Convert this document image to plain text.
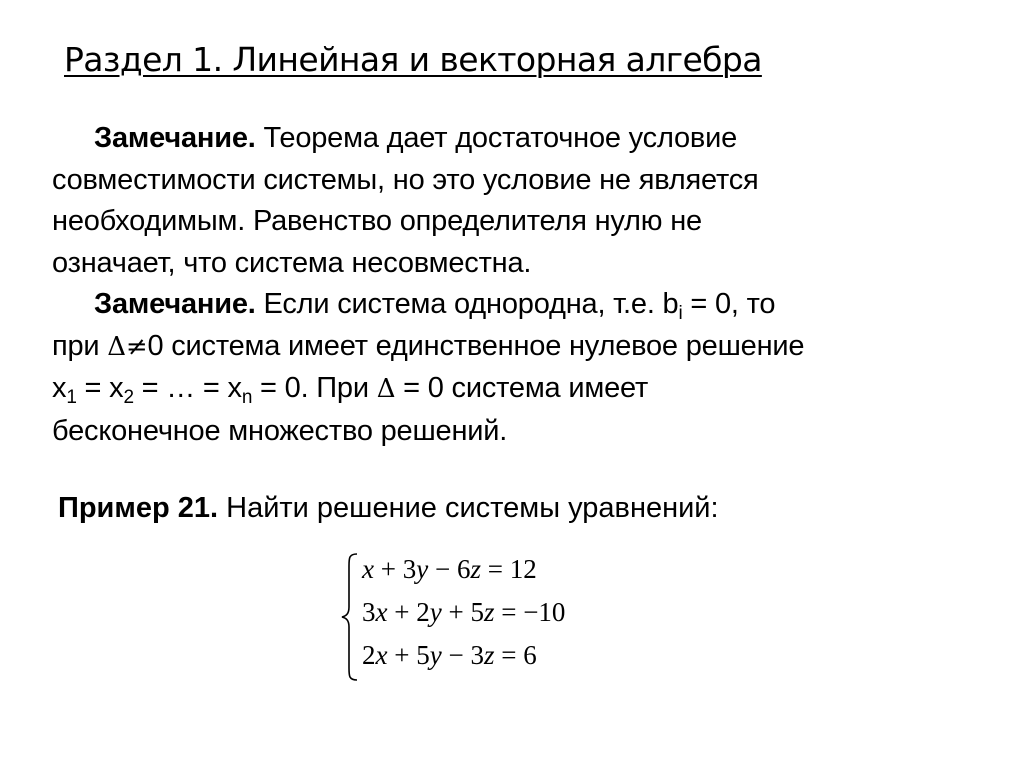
Раздел 1. Линейная и векторная алгебра

Замечание. Теорема дает достаточное условие

совместимости системы, но это условие не является

необходимым. Равенство определителя нулю не

означает, что система несовместна.

Замечание. Если система однородна, т.е. $b_i = 0$, то

при Δ≠0 система имеет единственное нулевое решение

$x_1 = x_2$ = … = $x_n = 0$. При Δ = 0 система имеет

бесконечное множество решений.

Пример 21. Найти решение системы уравнений:

x + 3y − 6z = 12

3x + 2y + 5z = −10

2x + 5y − 3z = 6
